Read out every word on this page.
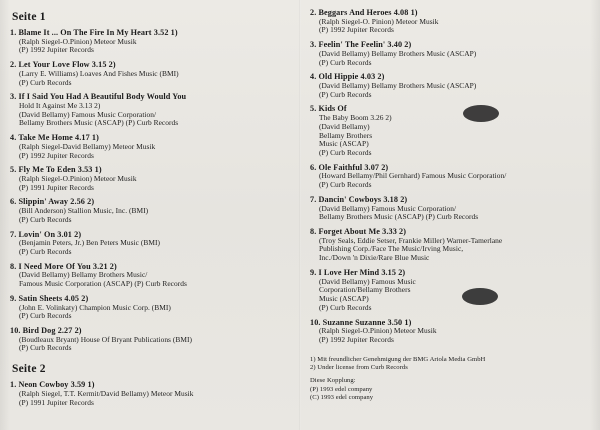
Seite 1
1. Blame It ... On The Fire In My Heart 3.52 1)
(Ralph Siegel-O.Pinion) Meteor Musik
(P) 1992 Jupiter Records
2. Let Your Love Flow 3.15 2)
(Larry E. Williams) Loaves And Fishes Music (BMI)
(P) Curb Records
3. If I Said You Had A Beautiful Body Would You
Hold It Against Me 3.13 2)
(David Bellamy) Famous Music Corporation/
Bellamy Brothers Music (ASCAP) (P) Curb Records
4. Take Me Home 4.17 1)
(Ralph Siegel-David Bellamy) Meteor Musik
(P) 1992 Jupiter Records
5. Fly Me To Eden 3.53 1)
(Ralph Siegel-O.Pinion) Meteor Musik
(P) 1991 Jupiter Records
6. Slippin' Away 2.56 2)
(Bill Anderson) Stallion Music, Inc. (BMI)
(P) Curb Records
7. Lovin' On 3.01 2)
(Benjamin Peters, Jr.) Ben Peters Music (BMI)
(P) Curb Records
8. I Need More Of You 3.21 2)
(David Bellamy) Bellamy Brothers Music/
Famous Music Corporation (ASCAP) (P) Curb Records
9. Satin Sheets 4.05 2)
(John E. Volinkaty) Champion Music Corp. (BMI)
(P) Curb Records
10. Bird Dog 2.27 2)
(Boudleaux Bryant) House Of Bryant Publications (BMI)
(P) Curb Records
Seite 2
1. Neon Cowboy 3.59 1)
(Ralph Siegel, T.T. Kermit/David Bellamy) Meteor Musik
(P) 1991 Jupiter Records
2. Beggars And Heroes 4.08 1)
(Ralph Siegel-O. Pinion) Meteor Musik
(P) 1992 Jupiter Records
3. Feelin' The Feelin' 3.40 2)
(David Bellamy) Bellamy Brothers Music (ASCAP)
(P) Curb Records
4. Old Hippie 4.03 2)
(David Bellamy) Bellamy Brothers Music (ASCAP)
(P) Curb Records
5. Kids Of
The Baby Boom 3.26 2)
(David Bellamy)
Bellamy Brothers
Music (ASCAP)
(P) Curb Records
6. Ole Faithful 3.07 2)
(Howard Bellamy/Phil Gernhard) Famous Music Corporation/
(P) Curb Records
7. Dancin' Cowboys 3.18 2)
(David Bellamy) Famous Music Corporation/
Bellamy Brothers Music (ASCAP) (P) Curb Records
8. Forget About Me 3.33 2)
(Troy Seals, Eddie Setser, Frankie Miller) Warner-Tamerlane
Publishing Corp./Face The Music/Irving Music,
Inc./Down 'n Dixie/Rare Blue Music
9. I Love Her Mind 3.15 2)
(David Bellamy) Famous Music
Corporation/Bellamy Brothers
Music (ASCAP)
(P) Curb Records
10. Suzanne Suzanne 3.50 1)
(Ralph Siegel-O.Pinion) Meteor Musik
(P) 1992 Jupiter Records
1) Mit freundlicher Genehmigung der BMG Ariola Media GmbH
2) Under license from Curb Records
Diese Kopplung:
(P) 1993 edel company
(C) 1993 edel company
